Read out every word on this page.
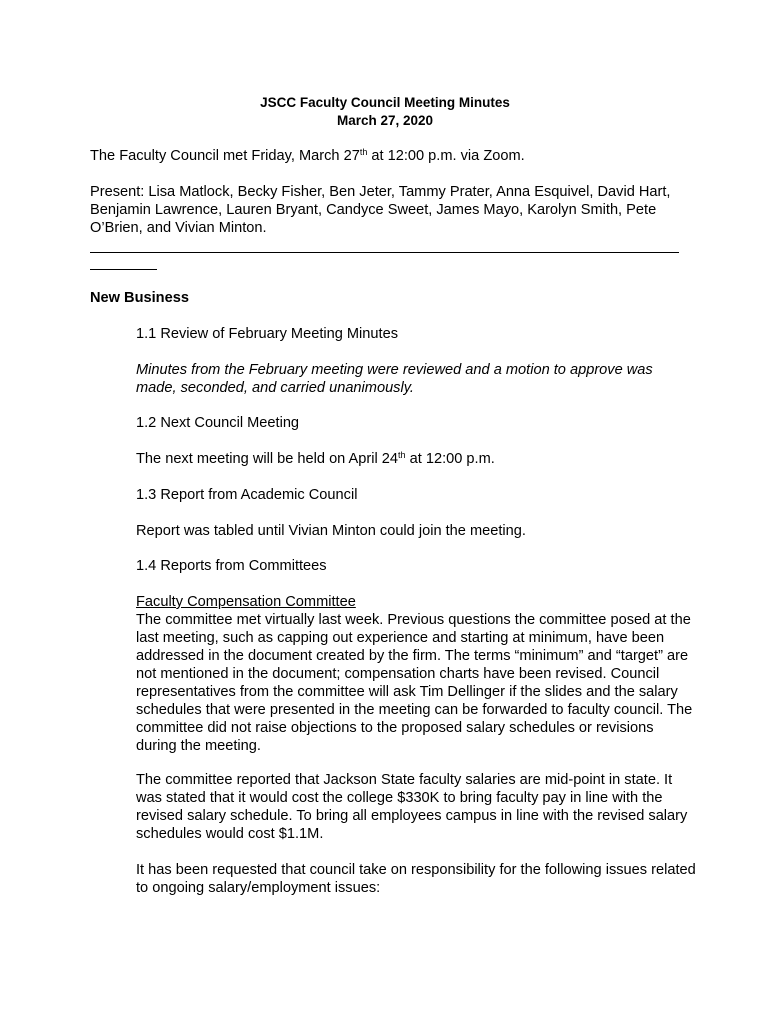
JSCC Faculty Council Meeting Minutes
March 27, 2020
The Faculty Council met Friday, March 27th at 12:00 p.m. via Zoom.
Present: Lisa Matlock, Becky Fisher, Ben Jeter, Tammy Prater, Anna Esquivel, David Hart, Benjamin Lawrence, Lauren Bryant, Candyce Sweet, James Mayo, Karolyn Smith, Pete O’Brien, and Vivian Minton.
New Business
1.1 Review of February Meeting Minutes
Minutes from the February meeting were reviewed and a motion to approve was made, seconded, and carried unanimously.
1.2 Next Council Meeting
The next meeting will be held on April 24th at 12:00 p.m.
1.3 Report from Academic Council
Report was tabled until Vivian Minton could join the meeting.
1.4 Reports from Committees
Faculty Compensation Committee
The committee met virtually last week. Previous questions the committee posed at the last meeting, such as capping out experience and starting at minimum, have been addressed in the document created by the firm. The terms “minimum” and “target” are not mentioned in the document; compensation charts have been revised. Council representatives from the committee will ask Tim Dellinger if the slides and the salary schedules that were presented in the meeting can be forwarded to faculty council. The committee did not raise objections to the proposed salary schedules or revisions during the meeting.
The committee reported that Jackson State faculty salaries are mid-point in state. It was stated that it would cost the college $330K to bring faculty pay in line with the revised salary schedule. To bring all employees campus in line with the revised salary schedules would cost $1.1M.
It has been requested that council take on responsibility for the following issues related to ongoing salary/employment issues:
